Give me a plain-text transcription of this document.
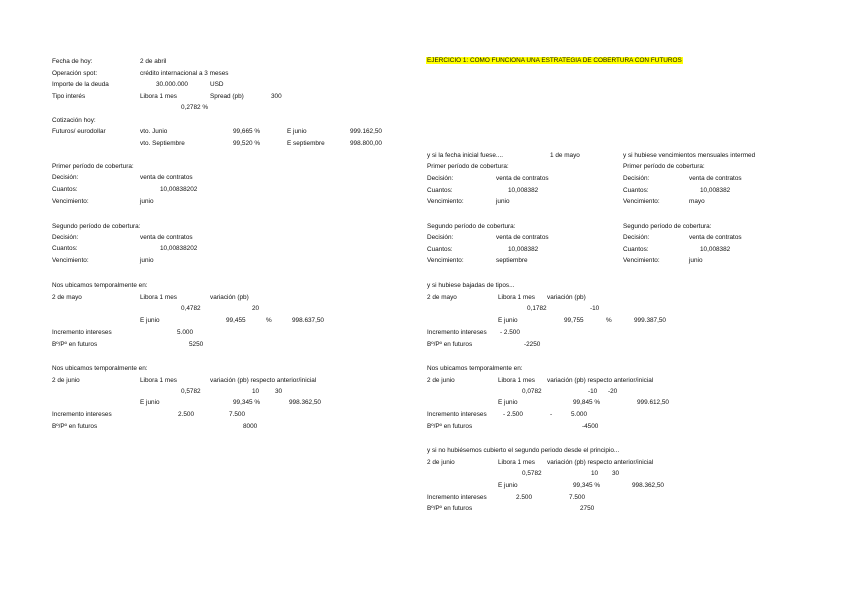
Fecha de hoy:	2 de abril
Operación spot:	crédito internacional a 3 meses
Importe de la deuda	30.000.000	USD
Tipo interés	Libora 1 mes	Spread (pb)	300
0,2782 %
Cotización hoy:
Futuros/ eurodollar	vto. Junio	99,665 %	E junio	999.162,50
vto. Septiembre	99,520 %	E septiembre	998.800,00
Primer período de cobertura:
Decisión:	venta de contratos
Cuantos:	10,00838202
Vencimiento:	junio
Segundo período de cobertura:
Decisión:	venta de contratos
Cuantos:	10,00838202
Vencimiento:	junio
Nos ubicamos temporalmente en:
2 de mayo	Libora 1 mes	variación (pb)
0,4782	20
E junio	99,455	%	998.637,50
Incremento intereses	5.000
Bº/Pº en futuros	5250
Nos ubicamos temporalmente en:
2 de junio	Libora 1 mes	variación (pb) respecto anterior/inicial
0,5782	10 30
E junio	99,345 %	998.362,50
Incremento intereses	2.500	7.500
Bº/Pº en futuros	8000
EJERCICIO 1: COMO FUNCIONA UNA ESTRATEGIA DE COBERTURA CON FUTUROS
y si la fecha inicial fuese....	1 de mayo
Primer período de cobertura:
Decisión:	venta de contratos
Cuantos:	10,008382
Vencimiento:	junio
Segundo período de cobertura:
Decisión:	venta de contratos
Cuantos:	10,008382
Vencimiento:	septiembre
y si hubiese vencimientos mensuales intermed
Primer período de cobertura:
Decisión:	venta de contratos
Cuantos:	10,008382
Vencimiento:	mayo
Segundo período de cobertura:
Decisión:	venta de contratos
Cuantos:	10,008382
Vencimiento:	junio
y si hubiese bajadas de tipos...
2 de mayo	Libora 1 mes variación (pb)
0,1782	-10
E junio	99,755	%	999.387,50
Incremento intereses - 2.500
Bº/Pº en futuros	-2250
Nos ubicamos temporalmente en:
2 de junio	Libora 1 mes variación (pb) respecto anterior/inicial
0,0782	-10 -20
E junio	99,845 %	999.612,50
Incremento intereses	- 2.500	-	5.000
Bº/Pº en futuros	-4500
y si no hubiésemos cubierto el segundo periodo desde el principio...
2 de junio	Libora 1 mes variación (pb) respecto anterior/inicial
0,5782	10 30
E junio	99,345 %	998.362,50
Incremento intereses	2.500	7.500
Bº/Pº en futuros	2750
